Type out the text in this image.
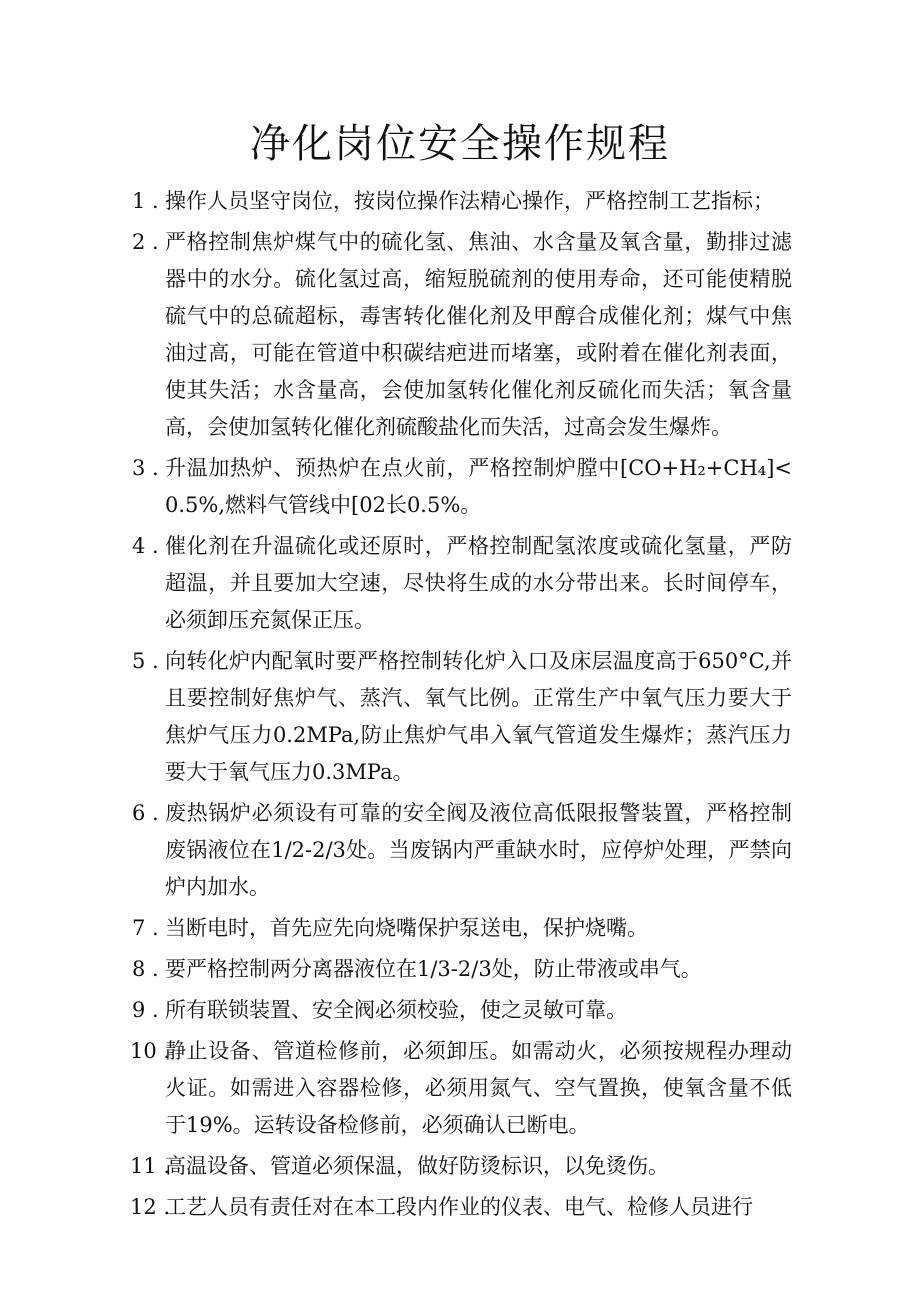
净化岗位安全操作规程
1 . 操作人员坚守岗位，按岗位操作法精心操作，严格控制工艺指标；
2 . 严格控制焦炉煤气中的硫化氢、焦油、水含量及氧含量，勤排过滤器中的水分。硫化氢过高，缩短脱硫剂的使用寿命，还可能使精脱硫气中的总硫超标，毒害转化催化剂及甲醇合成催化剂；煤气中焦油过高，可能在管道中积碳结疤进而堵塞，或附着在催化剂表面，使其失活；水含量高，会使加氢转化催化剂反硫化而失活；氧含量高，会使加氢转化催化剂硫酸盐化而失活，过高会发生爆炸。
3 . 升温加热炉、预热炉在点火前，严格控制炉膛中[CO+H₂+CH₄]<0.5%,燃料气管线中[02长0.5%。
4 . 催化剂在升温硫化或还原时，严格控制配氢浓度或硫化氢量，严防超温，并且要加大空速，尽快将生成的水分带出来。长时间停车，必须卸压充氮保正压。
5 . 向转化炉内配氧时要严格控制转化炉入口及床层温度高于650°C,并且要控制好焦炉气、蒸汽、氧气比例。正常生产中氧气压力要大于焦炉气压力0.2MPa,防止焦炉气串入氧气管道发生爆炸；蒸汽压力要大于氧气压力0.3MPa。
6 . 废热锅炉必须设有可靠的安全阀及液位高低限报警装置，严格控制废锅液位在1/2-2/3处。当废锅内严重缺水时，应停炉处理，严禁向炉内加水。
7 . 当断电时，首先应先向烧嘴保护泵送电，保护烧嘴。
8 . 要严格控制两分离器液位在1/3-2/3处，防止带液或串气。
9 . 所有联锁装置、安全阀必须校验，使之灵敏可靠。
10 .
静止设备、管道检修前，必须卸压。如需动火，必须按规程办理动火证。如需进入容器检修，必须用氮气、空气置换，使氧含量不低于19%。运转设备检修前，必须确认已断电。
11 .
高温设备、管道必须保温，做好防烫标识，以免烫伤。
12 .
工艺人员有责任对在本工段内作业的仪表、电气、检修人员进行
